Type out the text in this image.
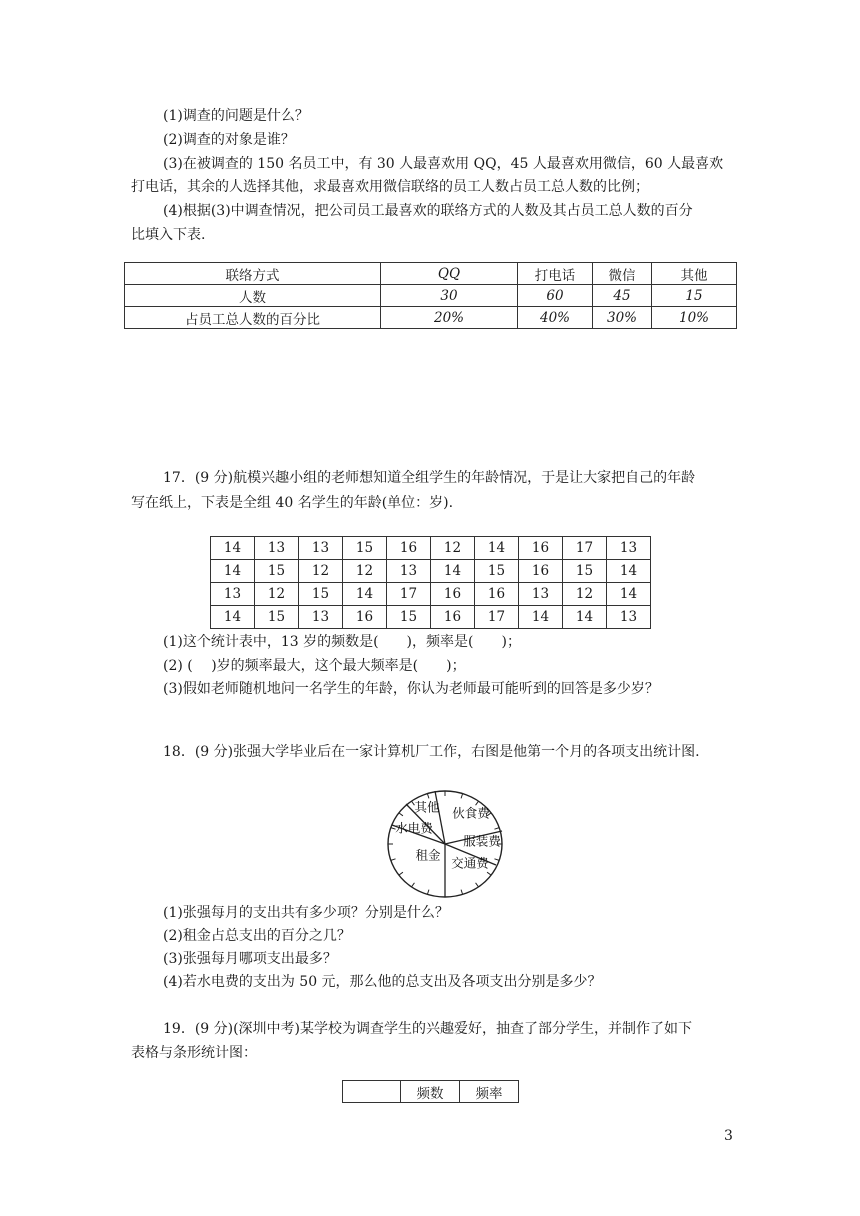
(1)调查的问题是什么？
(2)调查的对象是谁？
(3)在被调查的 150 名员工中，有 30 人最喜欢用 QQ，45 人最喜欢用微信，60 人最喜欢
打电话，其余的人选择其他，求最喜欢用微信联络的员工人数占员工总人数的比例；
(4)根据(3)中调查情况，把公司员工最喜欢的联络方式的人数及其占员工总人数的百分
比填入下表.
联络方式	QQ	打电话	微信	其他
人数	30	60	45	15
占员工总人数的百分比	20%	40%	30%	10%
17．(9 分)航模兴趣小组的老师想知道全组学生的年龄情况，于是让大家把自己的年龄
写在纸上，下表是全组 40 名学生的年龄(单位：岁).
14	13	13	15	16	12	14	16	17	13
14	15	12	12	13	14	15	16	15	14
13	12	15	14	17	16	16	13	12	14
14	15	13	16	15	16	17	14	14	13
(1)这个统计表中，13 岁的频数是(　　)，频率是(　　)；
(2) (　 )岁的频率最大，这个最大频率是(　　)；
(3)假如老师随机地问一名学生的年龄，你认为老师最可能听到的回答是多少岁？
18．(9 分)张强大学毕业后在一家计算机厂工作，右图是他第一个月的各项支出统计图.
伙食费
服装费
交通费
租金
水电费
其他
(1)张强每月的支出共有多少项？分别是什么？
(2)租金占总支出的百分之几？
(3)张强每月哪项支出最多？
(4)若水电费的支出为 50 元，那么他的总支出及各项支出分别是多少？
19．(9 分)(深圳中考)某学校为调查学生的兴趣爱好，抽查了部分学生，并制作了如下
表格与条形统计图：
	频数	频率
3
